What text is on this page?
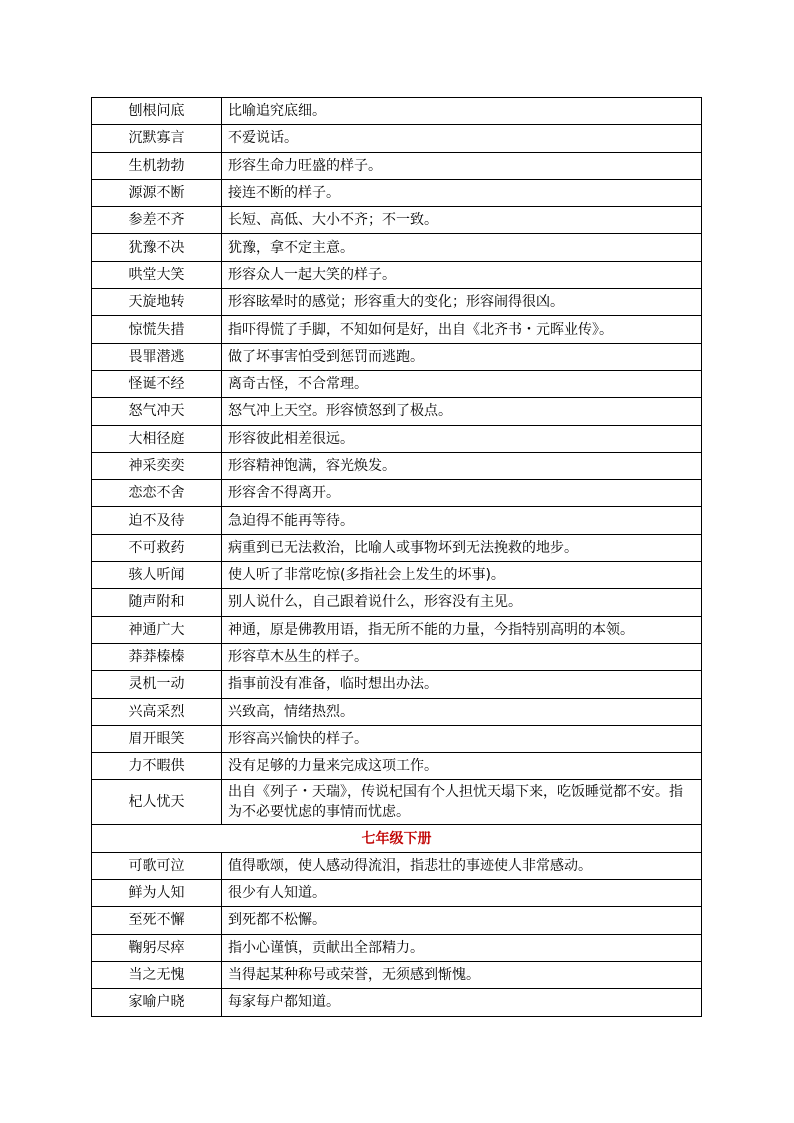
刨根问底	比喻追究底细。
沉默寡言	不爱说话。
生机勃勃	形容生命力旺盛的样子。
源源不断	接连不断的样子。
参差不齐	长短、高低、大小不齐；不一致。
犹豫不决	犹豫，拿不定主意。
哄堂大笑	形容众人一起大笑的样子。
天旋地转	形容眩晕时的感觉；形容重大的变化；形容闹得很凶。
惊慌失措	指吓得慌了手脚，不知如何是好，出自《北齐书・元晖业传》。
畏罪潜逃	做了坏事害怕受到惩罚而逃跑。
怪诞不经	离奇古怪，不合常理。
怒气冲天	怒气冲上天空。形容愤怒到了极点。
大相径庭	形容彼此相差很远。
神采奕奕	形容精神饱满，容光焕发。
恋恋不舍	形容舍不得离开。
迫不及待	急迫得不能再等待。
不可救药	病重到已无法救治，比喻人或事物坏到无法挽救的地步。
骇人听闻	使人听了非常吃惊(多指社会上发生的坏事)。
随声附和	别人说什么，自己跟着说什么，形容没有主见。
神通广大	神通，原是佛教用语，指无所不能的力量，今指特别高明的本领。
莽莽榛榛	形容草木丛生的样子。
灵机一动	指事前没有准备，临时想出办法。
兴高采烈	兴致高，情绪热烈。
眉开眼笑	形容高兴愉快的样子。
力不暇供	没有足够的力量来完成这项工作。
杞人忧天	出自《列子・天瑞》，传说杞国有个人担忧天塌下来，吃饭睡觉都不安。指为不必要忧虑的事情而忧虑。
七年级下册	
可歌可泣	值得歌颂，使人感动得流泪，指悲壮的事迹使人非常感动。
鲜为人知	很少有人知道。
至死不懈	到死都不松懈。
鞠躬尽瘁	指小心谨慎，贡献出全部精力。
当之无愧	当得起某种称号或荣誉，无须感到惭愧。
家喻户晓	每家每户都知道。
